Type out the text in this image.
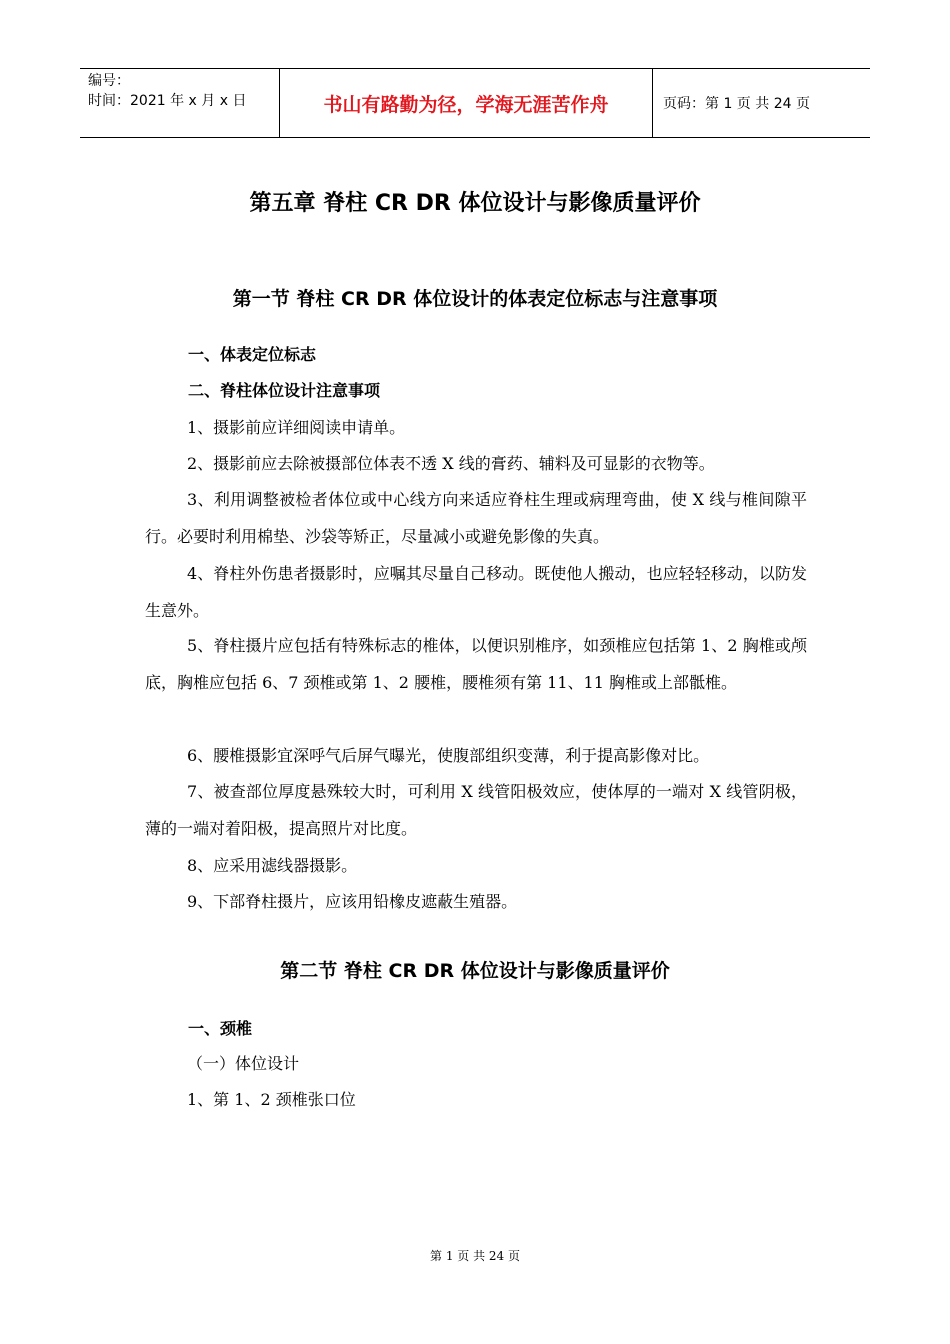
编号：
时间：2021 年 x 月 x 日	书山有路勤为径，学海无涯苦作舟	页码：第 1 页 共 24 页
第五章 脊柱 CR DR 体位设计与影像质量评价
第一节 脊柱 CR DR 体位设计的体表定位标志与注意事项
一、体表定位标志
二、脊柱体位设计注意事项

1、摄影前应详细阅读申请单。

2、摄影前应去除被摄部位体表不透 X 线的膏药、辅料及可显影的衣物等。

3、利用调整被检者体位或中心线方向来适应脊柱生理或病理弯曲，使 X 线与椎间隙平行。必要时利用棉垫、沙袋等矫正，尽量减小或避免影像的失真。

4、脊柱外伤患者摄影时，应嘱其尽量自己移动。既使他人搬动，也应轻轻移动，以防发生意外。

5、脊柱摄片应包括有特殊标志的椎体，以便识别椎序，如颈椎应包括第 1、2 胸椎或颅底，胸椎应包括 6、7 颈椎或第 1、2 腰椎，腰椎须有第 11、11 胸椎或上部骶椎。

6、腰椎摄影宜深呼气后屏气曝光，使腹部组织变薄，利于提高影像对比。

7、被查部位厚度悬殊较大时，可利用 X 线管阳极效应，使体厚的一端对 X 线管阴极，薄的一端对着阳极，提高照片对比度。

8、应采用滤线器摄影。

9、下部脊柱摄片，应该用铅橡皮遮蔽生殖器。

第二节 脊柱 CR DR 体位设计与影像质量评价
一、颈椎

（一）体位设计

1、第 1、2 颈椎张口位

第 1 页 共 24 页
